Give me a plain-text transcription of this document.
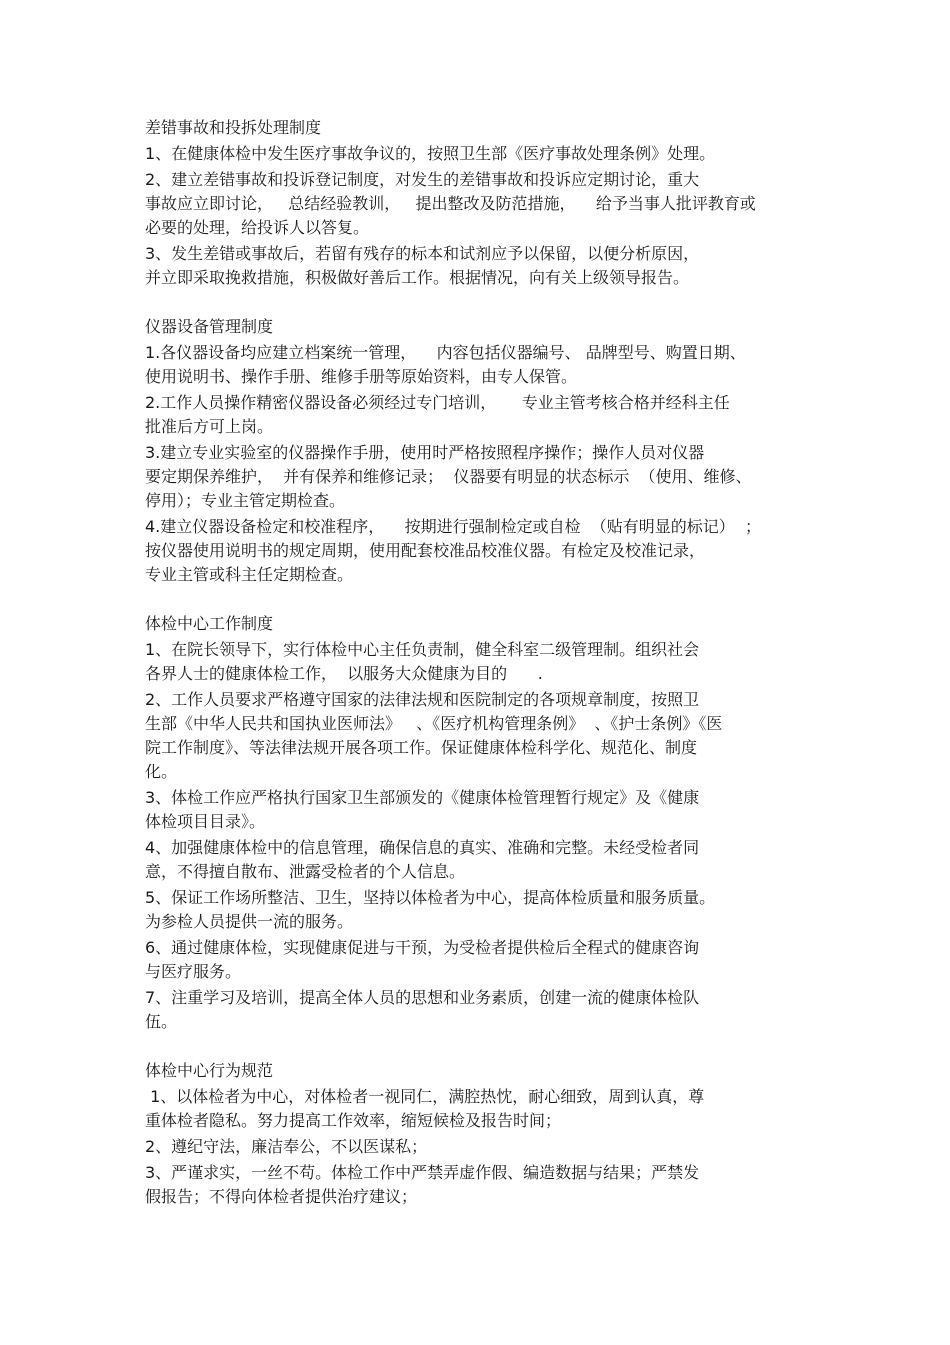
差错事故和投拆处理制度
1、在健康体检中发生医疗事故争议的，按照卫生部《医疗事故处理条例》处理。
2、建立差错事故和投诉登记制度，对发生的差错事故和投诉应定期讨论，重大
事故应立即讨论，   总结经验教训，   提出整改及防范措施，    给予当事人批评教育或
必要的处理，给投诉人以答复。
3、发生差错或事故后，若留有残存的标本和试剂应予以保留，以便分析原因，
并立即采取挽救措施，积极做好善后工作。根据情况，向有关上级领导报告。
仪器设备管理制度
1.各仪器设备均应建立档案统一管理，    内容包括仪器编号、 品牌型号、购置日期、
使用说明书、操作手册、维修手册等原始资料，由专人保管。
2.工作人员操作精密仪器设备必须经过专门培训，     专业主管考核合格并经科主任
批准后方可上岗。
3.建立专业实验室的仪器操作手册，使用时严格按照程序操作；操作人员对仪器
要定期保养维护，  并有保养和维修记录；  仪器要有明显的状态标示  （使用、维修、
停用）；专业主管定期检查。
4.建立仪器设备检定和校准程序，    按期进行强制检定或自检  （贴有明显的标记）  ；
按仪器使用说明书的规定周期，使用配套校准品校准仪器。有检定及校准记录，
专业主管或科主任定期检查。
体检中心工作制度
1、在院长领导下，实行体检中心主任负责制，健全科室二级管理制。组织社会
各界人士的健康体检工作，  以服务大众健康为目的      .
2、工作人员要求严格遵守国家的法律法规和医院制定的各项规章制度，按照卫
生部《中华人民共和国执业医师法》   、《医疗机构管理条例》  、《护士条例》《医
院工作制度》、等法律法规开展各项工作。保证健康体检科学化、规范化、制度
化。
3、体检工作应严格执行国家卫生部颁发的《健康体检管理暂行规定》及《健康
体检项目目录》。
4、加强健康体检中的信息管理，确保信息的真实、准确和完整。未经受检者同
意，不得擅自散布、泄露受检者的个人信息。
5、保证工作场所整洁、卫生，坚持以体检者为中心，提高体检质量和服务质量。
为参检人员提供一流的服务。
6、通过健康体检，实现健康促进与干预，为受检者提供检后全程式的健康咨询
与医疗服务。
7、注重学习及培训，提高全体人员的思想和业务素质，创建一流的健康体检队
伍。
体检中心行为规范
1、以体检者为中心，对体检者一视同仁，满腔热忱，耐心细致，周到认真，尊
重体检者隐私。努力提高工作效率，缩短候检及报告时间；
2、遵纪守法，廉洁奉公，不以医谋私；
3、严谨求实，一丝不苟。体检工作中严禁弄虚作假、编造数据与结果；严禁发
假报告；不得向体检者提供治疗建议；
